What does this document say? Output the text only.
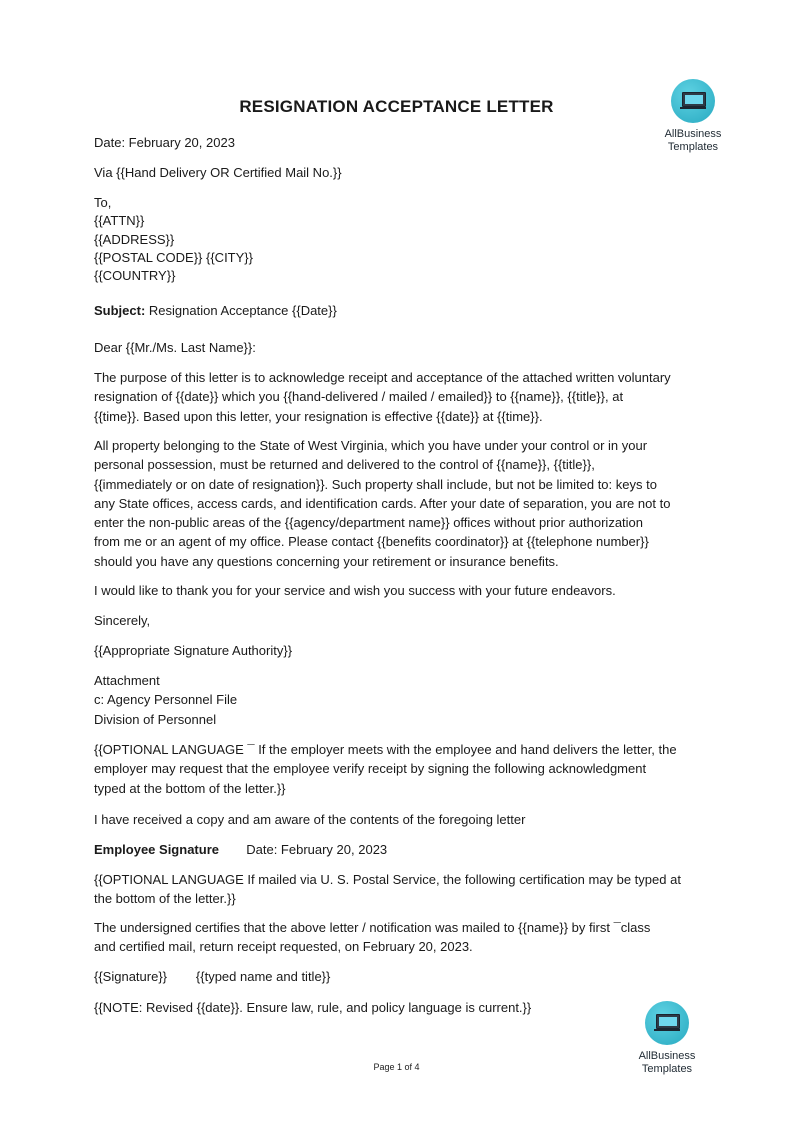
AllBusiness
Templates
RESIGNATION ACCEPTANCE LETTER
Date: February 20, 2023
Via {{Hand Delivery OR Certified Mail No.}}
To,
{{ATTN}}
{{ADDRESS}}
{{POSTAL CODE}} {{CITY}}
{{COUNTRY}}
Subject: Resignation Acceptance {{Date}}
Dear {{Mr./Ms. Last Name}}:
The purpose of this letter is to acknowledge receipt and acceptance of the attached written voluntary
resignation of {{date}} which you {{hand-delivered / mailed / emailed}} to {{name}}, {{title}}, at
{{time}}. Based upon this letter, your resignation is effective {{date}} at {{time}}.
All property belonging to the State of West Virginia, which you have under your control or in your
personal possession, must be returned and delivered to the control of {{name}}, {{title}},
{{immediately or on date of resignation}}. Such property shall include, but not be limited to: keys to
any State offices, access cards, and identification cards. After your date of separation, you are not to
enter the non-public areas of the {{agency/department name}} offices without prior authorization
from me or an agent of my office. Please contact {{benefits coordinator}} at {{telephone number}}
should you have any questions concerning your retirement or insurance benefits.
I would like to thank you for your service and wish you success with your future endeavors.
Sincerely,
{{Appropriate Signature Authority}}
Attachment
c: Agency Personnel File
Division of Personnel
{{OPTIONAL LANGUAGE ¯ If the employer meets with the employee and hand delivers the letter, the
employer may request that the employee verify receipt by signing the following acknowledgment
typed at the bottom of the letter.}}
I have received a copy and am aware of the contents of the foregoing letter
Employee Signature Date: February 20, 2023
{{OPTIONAL LANGUAGE If mailed via U. S. Postal Service, the following certification may be typed at
the bottom of the letter.}}
The undersigned certifies that the above letter / notification was mailed to {{name}} by first ¯class
and certified mail, return receipt requested, on February 20, 2023.
{{Signature}}        {{typed name and title}}
{{NOTE: Revised {{date}}. Ensure law, rule, and policy language is current.}}
AllBusiness
Templates
Page 1 of 4
